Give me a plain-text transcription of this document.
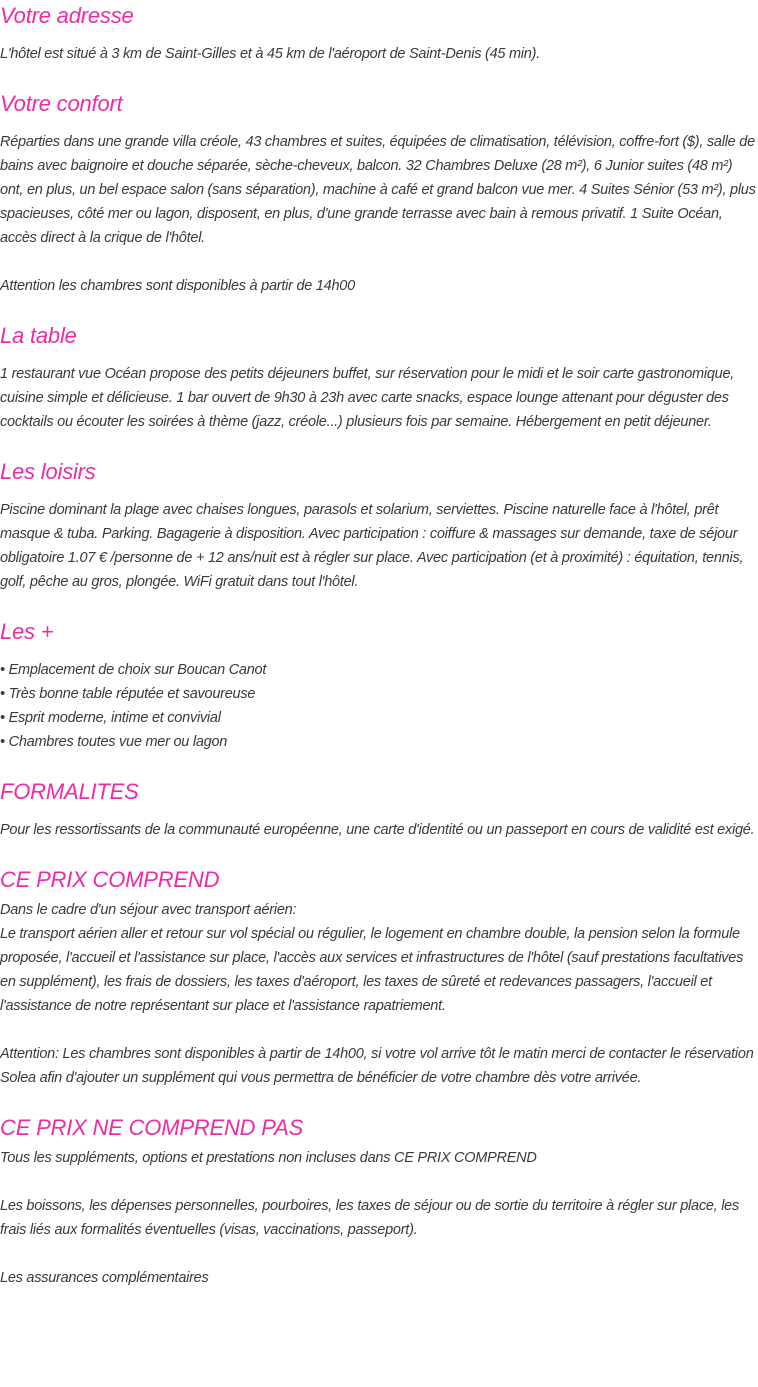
Votre adresse

L'hôtel est situé à 3 km de Saint-Gilles et à 45 km de l'aéroport de Saint-Denis (45 min).

Votre confort

Réparties dans une grande villa créole, 43 chambres et suites, équipées de climatisation, télévision, coffre-fort ($), salle de bains avec baignoire et douche séparée, sèche-cheveux, balcon. 32 Chambres Deluxe (28 m²), 6 Junior suites (48 m²) ont, en plus, un bel espace salon (sans séparation), machine à café et grand balcon vue mer. 4 Suites Sénior (53 m²), plus spacieuses, côté mer ou lagon, disposent, en plus, d'une grande terrasse avec bain à remous privatif. 1 Suite Océan, accès direct à la crique de l'hôtel.

Attention les chambres sont disponibles à partir de 14h00

La table

1 restaurant vue Océan propose des petits déjeuners buffet, sur réservation pour le midi et le soir carte gastronomique, cuisine simple et délicieuse. 1 bar ouvert de 9h30 à 23h avec carte snacks, espace lounge attenant pour déguster des cocktails ou écouter les soirées à thème (jazz, créole...) plusieurs fois par semaine. Hébergement en petit déjeuner.

Les loisirs

Piscine dominant la plage avec chaises longues, parasols et solarium, serviettes. Piscine naturelle face à l'hôtel, prêt masque & tuba. Parking. Bagagerie à disposition. Avec participation : coiffure & massages sur demande, taxe de séjour obligatoire 1.07 € /personne de + 12 ans/nuit est à régler sur place. Avec participation (et à proximité) : équitation, tennis, golf, pêche au gros, plongée. WiFi gratuit dans tout l'hôtel.

Les +

• Emplacement de choix sur Boucan Canot

• Très bonne table réputée et savoureuse

• Esprit moderne, intime et convivial

• Chambres toutes vue mer ou lagon

FORMALITES

Pour les ressortissants de la communauté européenne, une carte d'identité ou un passeport en cours de validité est exigé.

CE PRIX COMPREND

Dans le cadre d'un séjour avec transport aérien:

Le transport aérien aller et retour sur vol spécial ou régulier, le logement en chambre double, la pension selon la formule proposée, l'accueil et l'assistance sur place, l'accès aux services et infrastructures de l'hôtel (sauf prestations facultatives en supplément), les frais de dossiers, les taxes d'aéroport, les taxes de sûreté et redevances passagers, l'accueil et l'assistance de notre représentant sur place et l'assistance rapatriement.

Attention: Les chambres sont disponibles à partir de 14h00, si votre vol arrive tôt le matin merci de contacter le réservation Solea afin d'ajouter un supplément qui vous permettra de bénéficier de votre chambre dès votre arrivée.

CE PRIX NE COMPREND PAS

Tous les suppléments, options et prestations non incluses dans CE PRIX COMPREND

Les boissons, les dépenses personnelles, pourboires, les taxes de séjour ou de sortie du territoire à régler sur place, les frais liés aux formalités éventuelles (visas, vaccinations, passeport).

Les assurances complémentaires
